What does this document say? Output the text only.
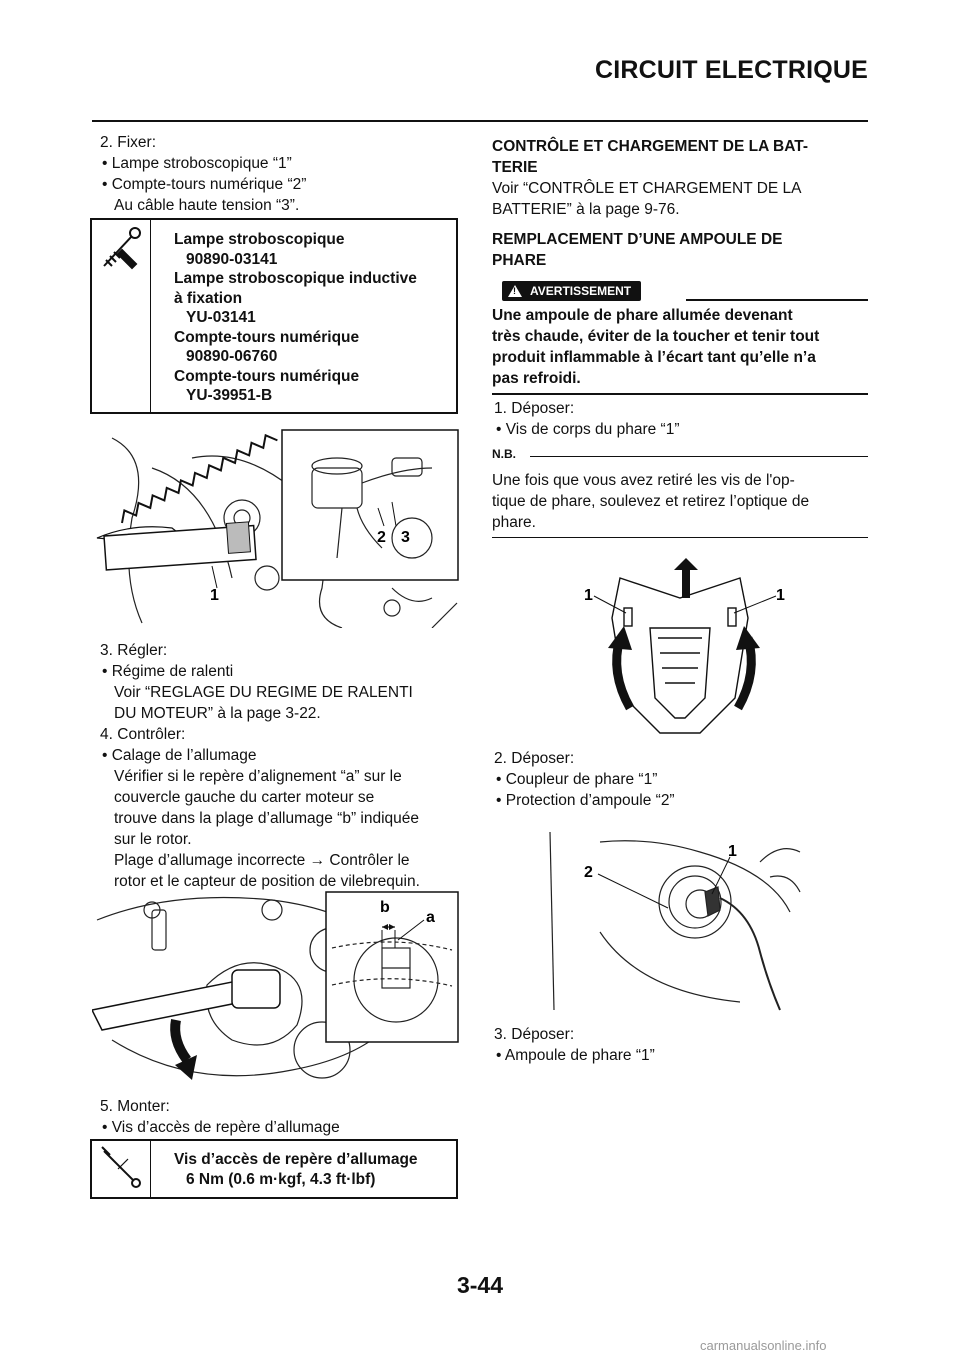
CIRCUIT ELECTRIQUE
2. Fixer:
• Lampe stroboscopique “1”
• Compte-tours numérique “2”
Au câble haute tension “3”.
Lampe stroboscopique
90890-03141
Lampe stroboscopique inductive
à fixation
YU-03141
Compte-tours numérique
90890-06760
Compte-tours numérique
YU-39951-B
1
2 3
3. Régler:
• Régime de ralenti
Voir “REGLAGE DU REGIME DE RALENTI
DU MOTEUR” à la page 3-22.
4. Contrôler:
• Calage de l’allumage
Vérifier si le repère d’alignement “a” sur le
couvercle gauche du carter moteur se
trouve dans la plage d’allumage “b” indiquée
sur le rotor.
Plage d’allumage incorrecte → Contrôler le
rotor et le capteur de position de vilebrequin.
b
a
5. Monter:
• Vis d’accès de repère d’allumage
Vis d’accès de repère d’allumage
6 Nm (0.6 m·kgf, 4.3 ft·lbf)
CONTRÔLE ET CHARGEMENT DE LA BAT-
TERIE
Voir “CONTRÔLE ET CHARGEMENT DE LA
BATTERIE” à la page 9-76.
REMPLACEMENT D’UNE AMPOULE DE
PHARE
! AVERTISSEMENT
Une ampoule de phare allumée devenant
très chaude, éviter de la toucher et tenir tout
produit inflammable à l’écart tant qu’elle n’a
pas refroidi.
1. Déposer:
• Vis de corps du phare “1”
N.B.
Une fois que vous avez retiré les vis de l'op-
tique de phare, soulevez et retirez l’optique de
phare.
1	1
2. Déposer:
• Coupleur de phare “1”
• Protection d’ampoule “2”
2
1
3. Déposer:
• Ampoule de phare “1”
3-44
carmanualsonline.info
